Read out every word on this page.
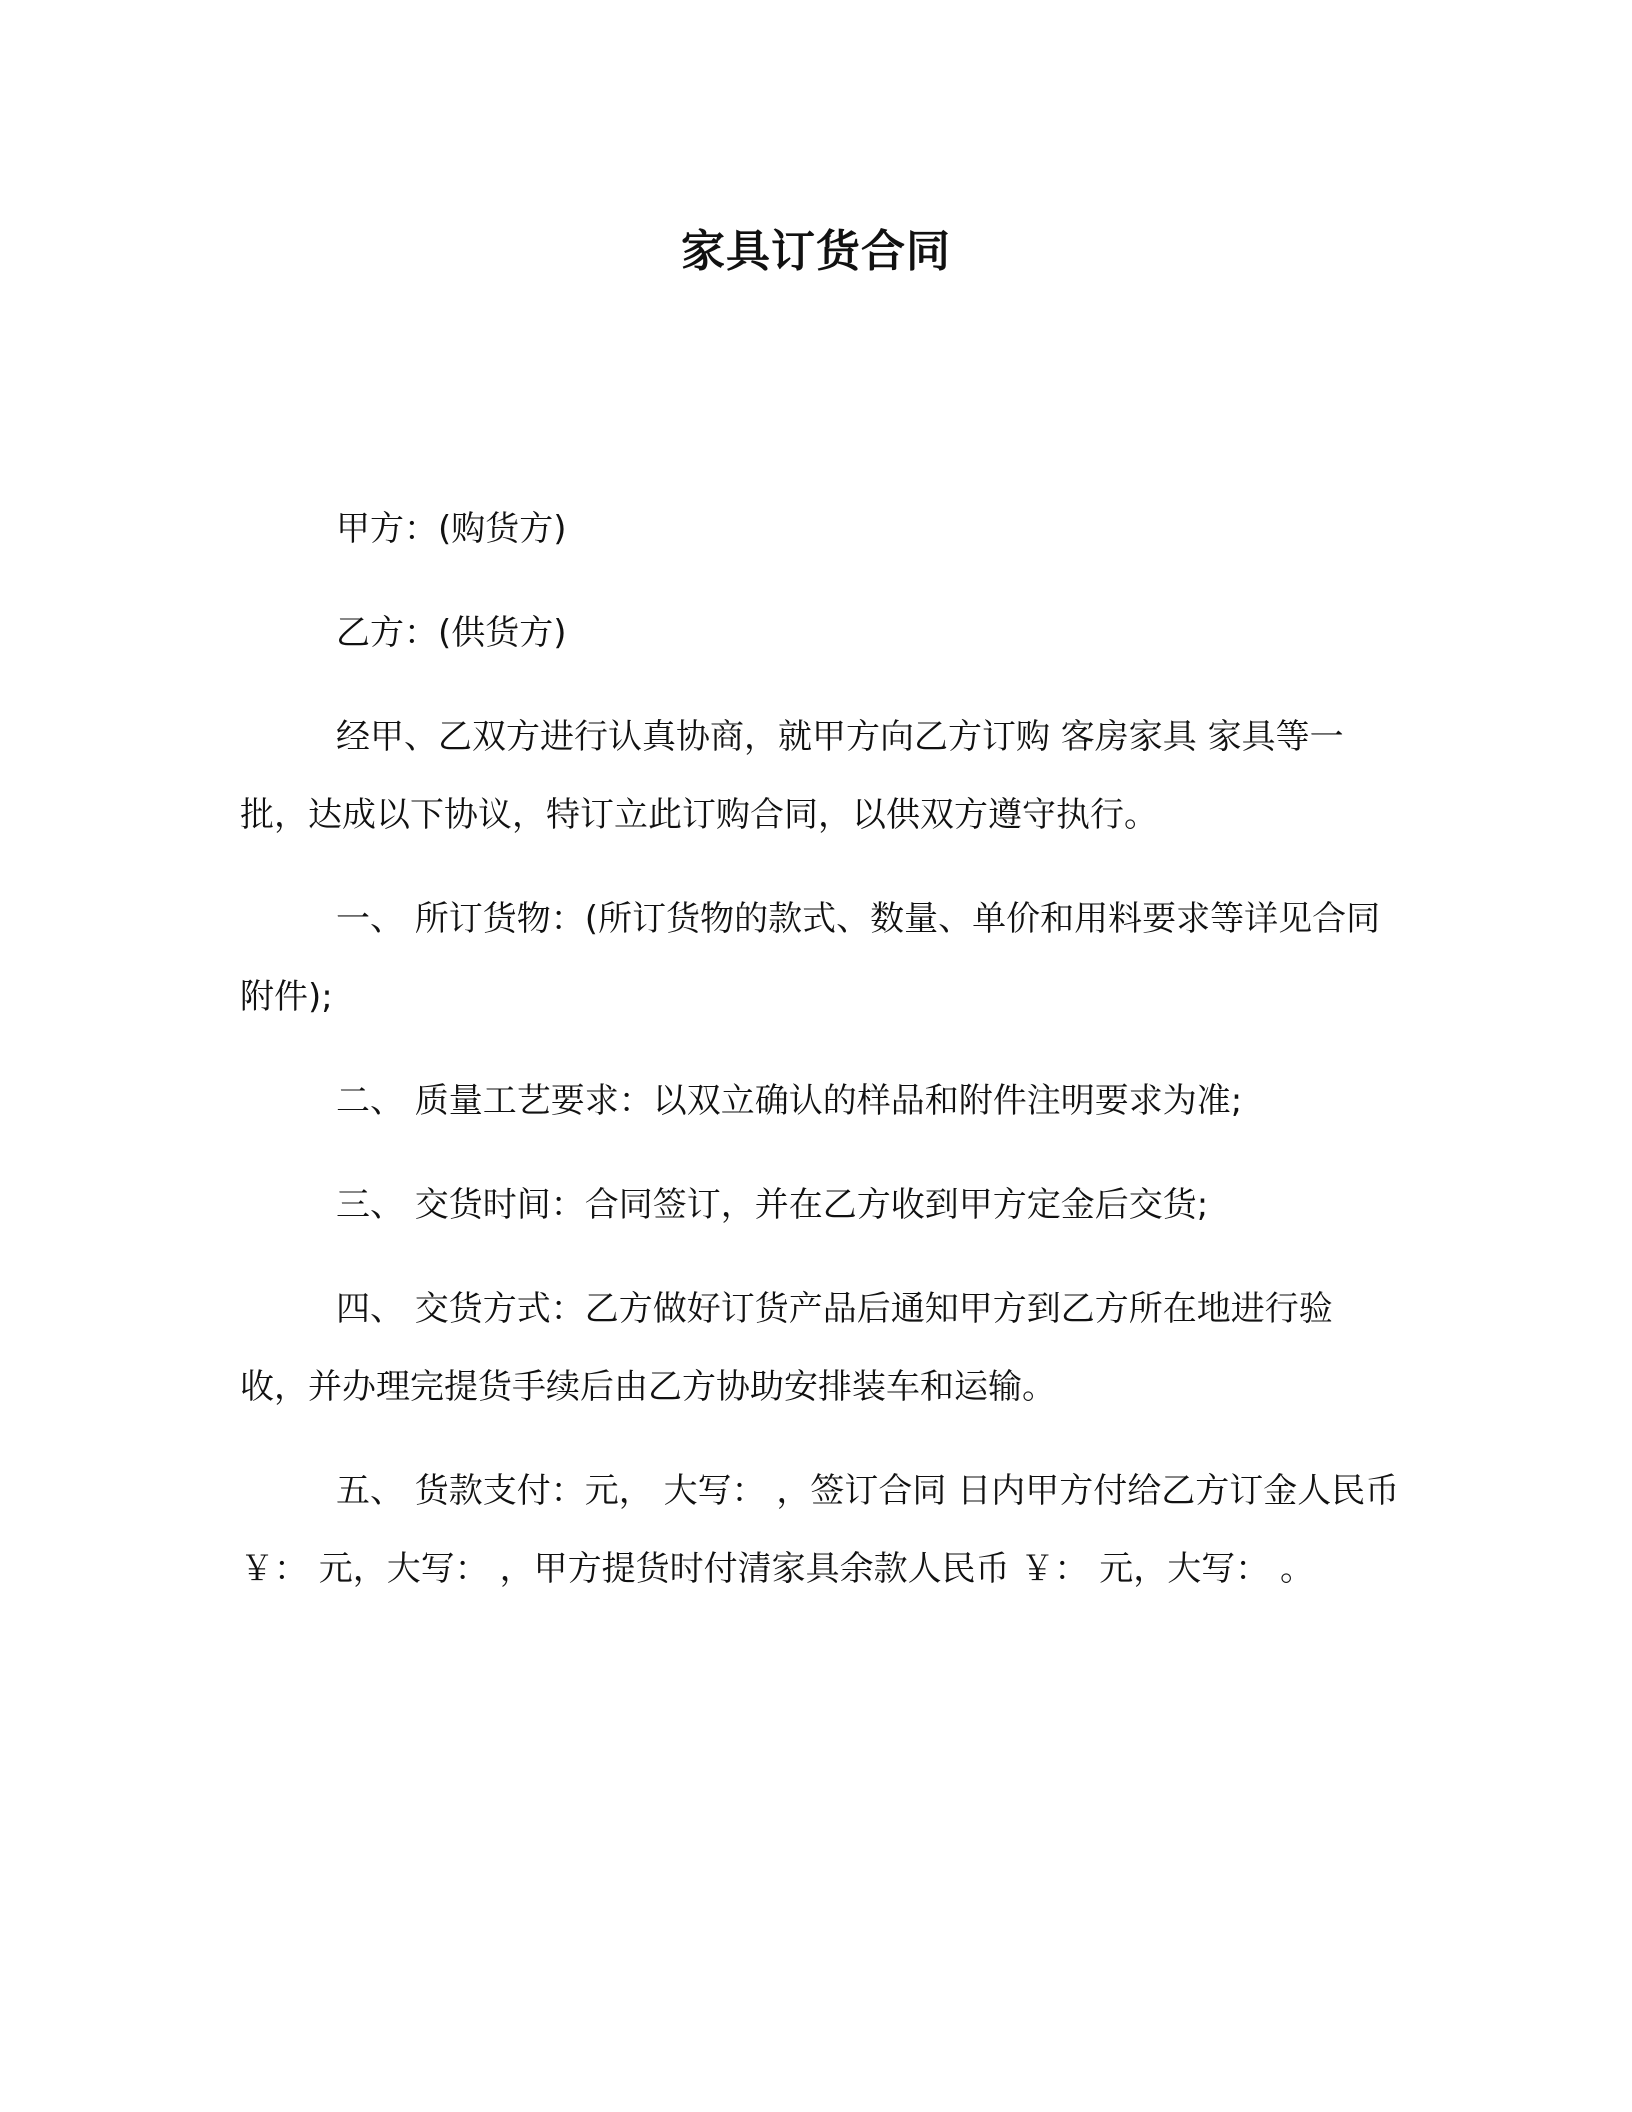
家具订货合同

甲方：(购货方)

乙方：(供货方)

经甲、乙双方进行认真协商，就甲方向乙方订购 客房家具 家具等一批，达成以下协议，特订立此订购合同，以供双方遵守执行。

一、 所订货物：(所订货物的款式、数量、单价和用料要求等详见合同附件);

二、 质量工艺要求：以双立确认的样品和附件注明要求为准;

三、 交货时间：合同签订，并在乙方收到甲方定金后交货;

四、 交货方式：乙方做好订货产品后通知甲方到乙方所在地进行验收，并办理完提货手续后由乙方协助安排装车和运输。

五、 货款支付：元， 大写： ，签订合同 日内甲方付给乙方订金人民币 ￥： 元，大写： ，甲方提货时付清家具余款人民币 ￥： 元，大写： 。
